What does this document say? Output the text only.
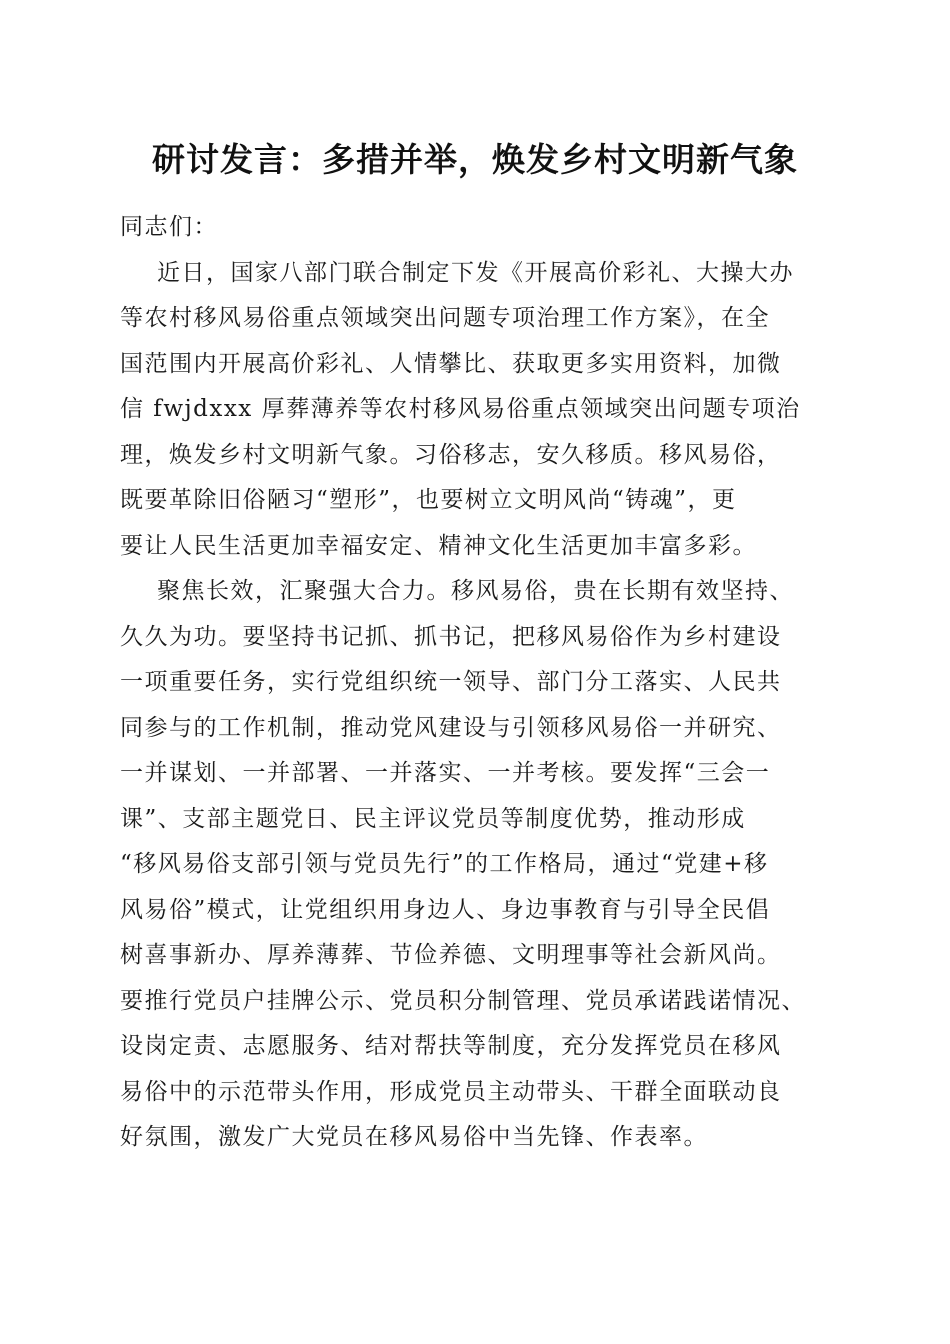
研讨发言：多措并举，焕发乡村文明新气象

同志们：

近日，国家八部门联合制定下发《开展高价彩礼、大操大办
等农村移风易俗重点领域突出问题专项治理工作方案》，在全
国范围内开展高价彩礼、人情攀比、获取更多实用资料，加微
信 fwjdxxx 厚葬薄养等农村移风易俗重点领域突出问题专项治
理，焕发乡村文明新气象。习俗移志，安久移质。移风易俗，
既要革除旧俗陋习“塑形”，也要树立文明风尚“铸魂”，更
要让人民生活更加幸福安定、精神文化生活更加丰富多彩。

聚焦长效，汇聚强大合力。移风易俗，贵在长期有效坚持、
久久为功。要坚持书记抓、抓书记，把移风易俗作为乡村建设
一项重要任务，实行党组织统一领导、部门分工落实、人民共
同参与的工作机制，推动党风建设与引领移风易俗一并研究、
一并谋划、一并部署、一并落实、一并考核。要发挥“三会一
课”、支部主题党日、民主评议党员等制度优势，推动形成
“移风易俗支部引领与党员先行”的工作格局，通过“党建+移
风易俗”模式，让党组织用身边人、身边事教育与引导全民倡
树喜事新办、厚养薄葬、节俭养德、文明理事等社会新风尚。
要推行党员户挂牌公示、党员积分制管理、党员承诺践诺情况、
设岗定责、志愿服务、结对帮扶等制度，充分发挥党员在移风
易俗中的示范带头作用，形成党员主动带头、干群全面联动良
好氛围，激发广大党员在移风易俗中当先锋、作表率。
